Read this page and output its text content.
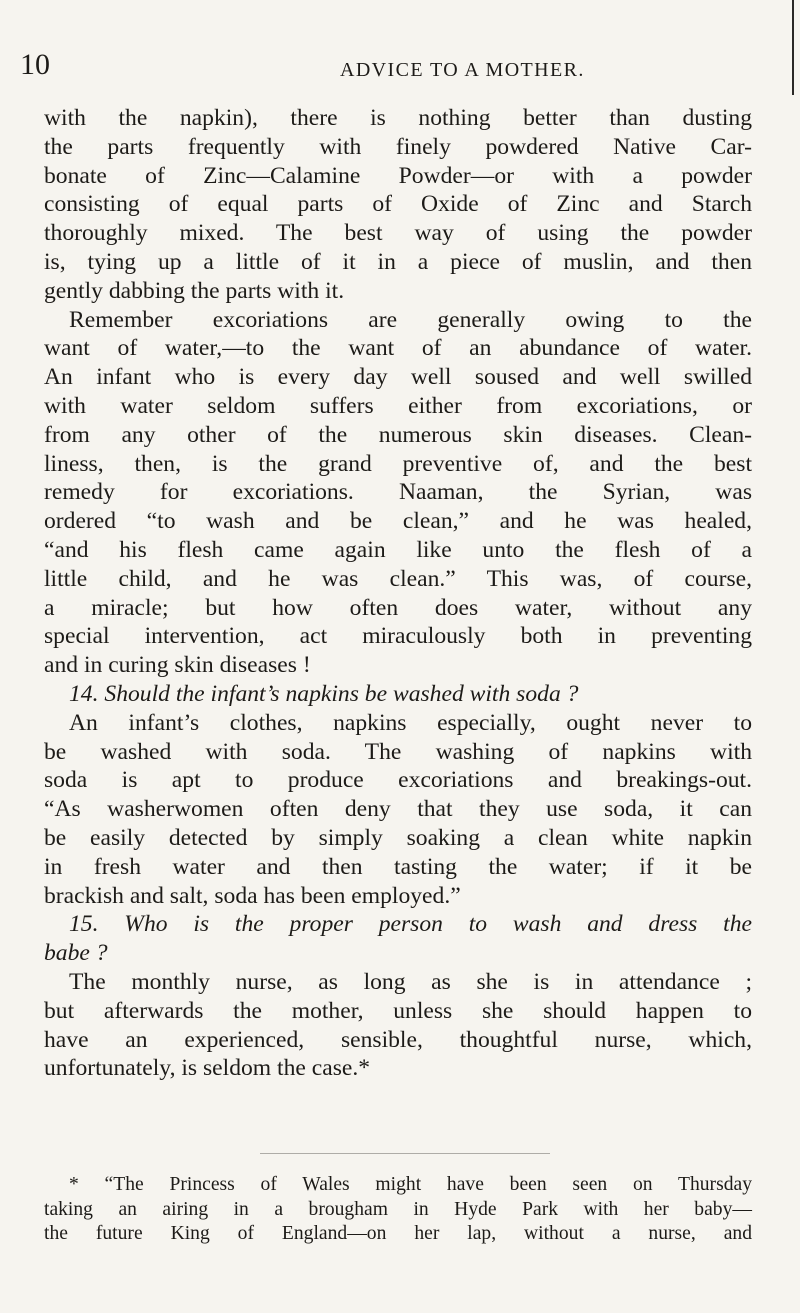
10	ADVICE TO A MOTHER.
with the napkin), there is nothing better than dusting
the parts frequently with finely powdered Native Car-
bonate of Zinc—Calamine Powder—or with a powder
consisting of equal parts of Oxide of Zinc and Starch
thoroughly mixed. The best way of using the powder
is, tying up a little of it in a piece of muslin, and then
gently dabbing the parts with it.
Remember excoriations are generally owing to the
want of water,—to the want of an abundance of water.
An infant who is every day well soused and well swilled
with water seldom suffers either from excoriations, or
from any other of the numerous skin diseases. Clean-
liness, then, is the grand preventive of, and the best
remedy for excoriations. Naaman, the Syrian, was
ordered “to wash and be clean,” and he was healed,
“and his flesh came again like unto the flesh of a
little child, and he was clean.” This was, of course,
a miracle; but how often does water, without any
special intervention, act miraculously both in preventing
and in curing skin diseases !
14. Should the infant’s napkins be washed with soda ?
An infant’s clothes, napkins especially, ought never to
be washed with soda. The washing of napkins with
soda is apt to produce excoriations and breakings-out.
“As washerwomen often deny that they use soda, it can
be easily detected by simply soaking a clean white napkin
in fresh water and then tasting the water; if it be
brackish and salt, soda has been employed.”
15. Who is the proper person to wash and dress the
babe ?
The monthly nurse, as long as she is in attendance ;
but afterwards the mother, unless she should happen to
have an experienced, sensible, thoughtful nurse, which,
unfortunately, is seldom the case.*
* “The Princess of Wales might have been seen on Thursday
taking an airing in a brougham in Hyde Park with her baby—
the future King of England—on her lap, without a nurse, and
